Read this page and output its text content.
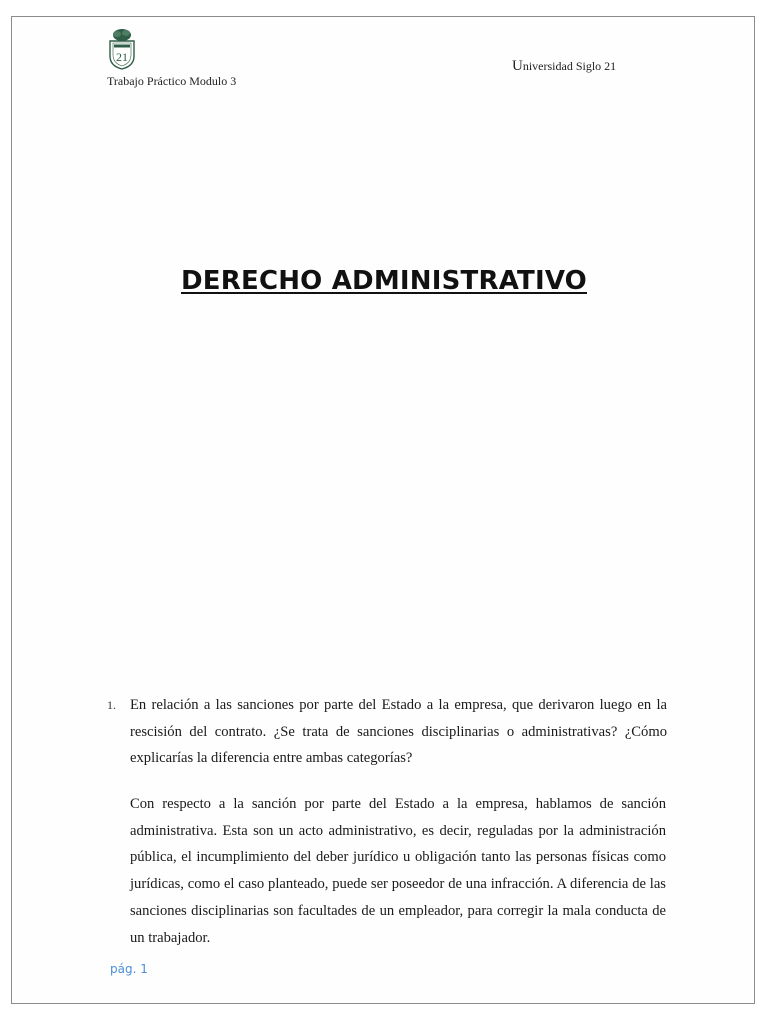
21
Trabajo Práctico Modulo 3
Universidad Siglo 21
DERECHO ADMINISTRATIVO
1. En relación a las sanciones por parte del Estado a la empresa, que derivaron luego en la rescisión del contrato. ¿Se trata de sanciones disciplinarias o administrativas? ¿Cómo explicarías la diferencia entre ambas categorías?
Con respecto a la sanción por parte del Estado a la empresa, hablamos de sanción administrativa. Esta son un acto administrativo, es decir, reguladas por la administración pública, el incumplimiento del deber jurídico u obligación tanto las personas físicas como jurídicas, como el caso planteado, puede ser poseedor de una infracción. A diferencia de las sanciones disciplinarias son facultades de un empleador, para corregir la mala conducta de un trabajador.
pág. 1
